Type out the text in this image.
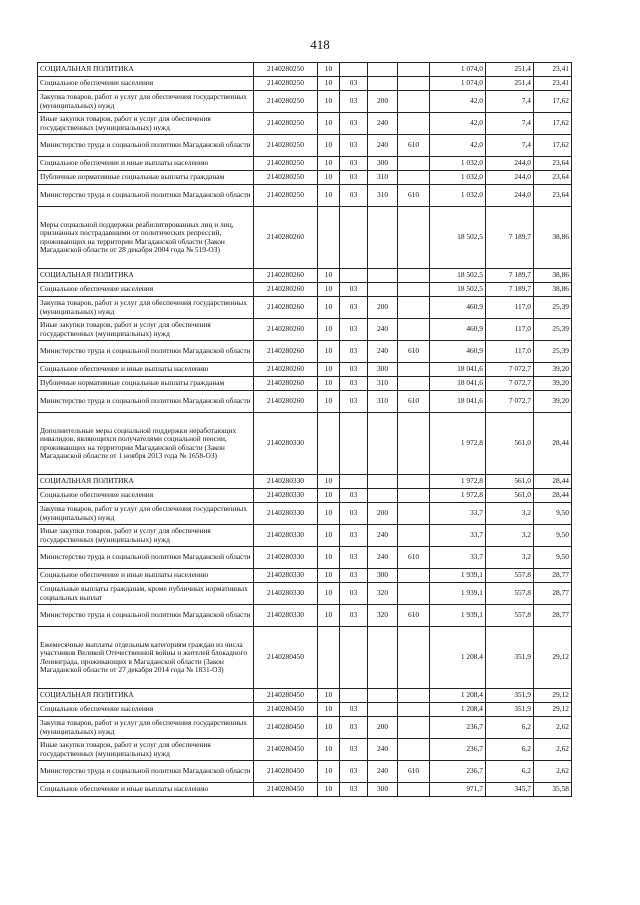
418
СОЦИАЛЬНАЯ ПОЛИТИКА	2140280250	10				1 074,0	251,4	23,41
Социальное обеспечение населения	2140280250	10	03			1 074,0	251,4	23,41
Закупка товаров, работ и услуг для обеспечения государственных (муниципальных) нужд	2140280250	10	03	200		42,0	7,4	17,62
Иные закупки товаров, работ и услуг для обеспечения государственных (муниципальных) нужд	2140280250	10	03	240		42,0	7,4	17,62
Министерство труда и социальной политики Магаданской области	2140280250	10	03	240	610	42,0	7,4	17,62
Социальное обеспечение и иные выплаты населению	2140280250	10	03	300		1 032,0	244,0	23,64
Публичные нормативные социальные выплаты гражданам	2140280250	10	03	310		1 032,0	244,0	23,64
Министерство труда и социальной политики Магаданской области	2140280250	10	03	310	610	1 032,0	244,0	23,64
Меры социальной поддержки реабилитированных лиц и лиц, признанных пострадавшими от политических репрессий, проживающих на территории Магаданской области (Закон Магаданской области от 28 декабря 2004 года № 519-ОЗ)	2140280260					18 502,5	7 189,7	38,86
СОЦИАЛЬНАЯ ПОЛИТИКА	2140280260	10				18 502,5	7 189,7	38,86
Социальное обеспечение населения	2140280260	10	03			18 502,5	7 189,7	38,86
Закупка товаров, работ и услуг для обеспечения государственных (муниципальных) нужд	2140280260	10	03	200		460,9	117,0	25,39
Иные закупки товаров, работ и услуг для обеспечения государственных (муниципальных) нужд	2140280260	10	03	240		460,9	117,0	25,39
Министерство труда и социальной политики Магаданской области	2140280260	10	03	240	610	460,9	117,0	25,39
Социальное обеспечение и иные выплаты населению	2140280260	10	03	300		18 041,6	7 072,7	39,20
Публичные нормативные социальные выплаты гражданам	2140280260	10	03	310		18 041,6	7 072,7	39,20
Министерство труда и социальной политики Магаданской области	2140280260	10	03	310	610	18 041,6	7 072,7	39,20
Дополнительные меры социальной поддержки неработающих инвалидов, являющихся получателями социальной пенсии, проживающих на территории Магаданской области (Закон Магаданской области от 1 ноября 2013 года № 1658-ОЗ)	2140280330					1 972,8	561,0	28,44
СОЦИАЛЬНАЯ ПОЛИТИКА	2140280330	10				1 972,8	561,0	28,44
Социальное обеспечение населения	2140280330	10	03			1 972,8	561,0	28,44
Закупка товаров, работ и услуг для обеспечения государственных (муниципальных) нужд	2140280330	10	03	200		33,7	3,2	9,50
Иные закупки товаров, работ и услуг для обеспечения государственных (муниципальных) нужд	2140280330	10	03	240		33,7	3,2	9,50
Министерство труда и социальной политики Магаданской области	2140280330	10	03	240	610	33,7	3,2	9,50
Социальное обеспечение и иные выплаты населению	2140280330	10	03	300		1 939,1	557,8	28,77
Социальные выплаты гражданам, кроме публичных нормативных социальных выплат	2140280330	10	03	320		1 939,1	557,8	28,77
Министерство труда и социальной политики Магаданской области	2140280330	10	03	320	610	1 939,1	557,8	28,77
Ежемесячные выплаты отдельным категориям граждан из числа участников Великой Отечественной войны и жителей блокадного Ленинграда, проживающих в Магаданской области (Закон Магаданской области от 27 декабря 2014 года № 1831-ОЗ)	2140280450					1 208,4	351,9	29,12
СОЦИАЛЬНАЯ ПОЛИТИКА	2140280450	10				1 208,4	351,9	29,12
Социальное обеспечение населения	2140280450	10	03			1 208,4	351,9	29,12
Закупка товаров, работ и услуг для обеспечения государственных (муниципальных) нужд	2140280450	10	03	200		236,7	6,2	2,62
Иные закупки товаров, работ и услуг для обеспечения государственных (муниципальных) нужд	2140280450	10	03	240		236,7	6,2	2,62
Министерство труда и социальной политики Магаданской области	2140280450	10	03	240	610	236,7	6,2	2,62
Социальное обеспечение и иные выплаты населению	2140280450	10	03	300		971,7	345,7	35,58
